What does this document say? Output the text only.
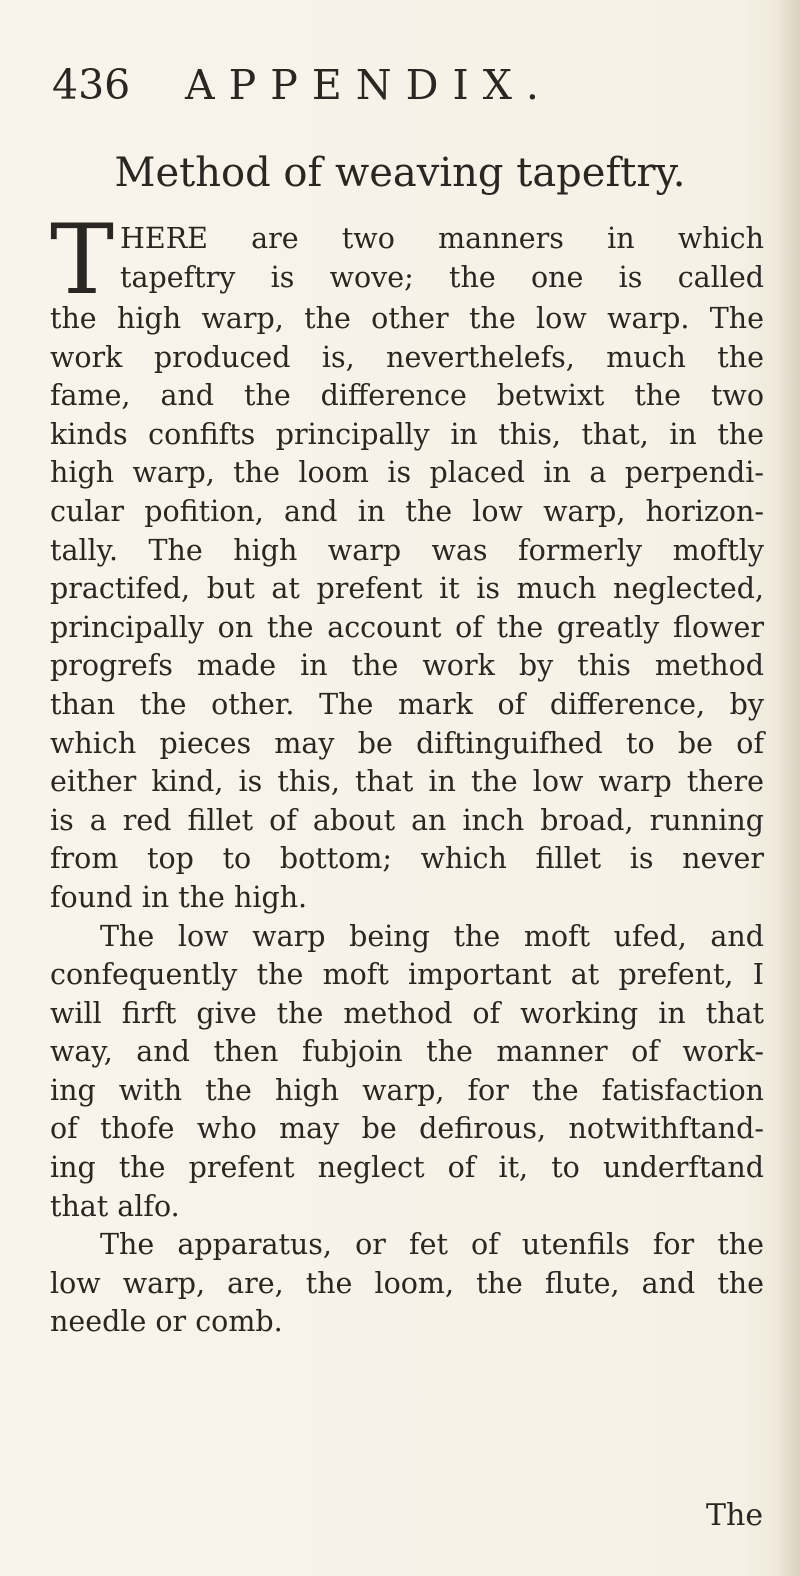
436 APPENDIX.
Method of weaving tapeftry.
T HERE are two manners in which
tapeftry is wove; the one is called
the high warp, the other the low warp. The
work produced is, neverthelefs, much the
fame, and the difference betwixt the two
kinds confifts principally in this, that, in the
high warp, the loom is placed in a perpendi-
cular pofition, and in the low warp, horizon-
tally. The high warp was formerly moftly
practifed, but at prefent it is much neglected,
principally on the account of the greatly flower
progrefs made in the work by this method
than the other. The mark of difference, by
which pieces may be diftinguifhed to be of
either kind, is this, that in the low warp there
is a red fillet of about an inch broad, running
from top to bottom; which fillet is never
found in the high.
The low warp being the moft ufed, and
confequently the moft important at prefent, I
will firft give the method of working in that
way, and then fubjoin the manner of work-
ing with the high warp, for the fatisfaction
of thofe who may be defirous, notwithftand-
ing the prefent neglect of it, to underftand
that alfo.
The apparatus, or fet of utenfils for the
low warp, are, the loom, the flute, and the
needle or comb.
The
